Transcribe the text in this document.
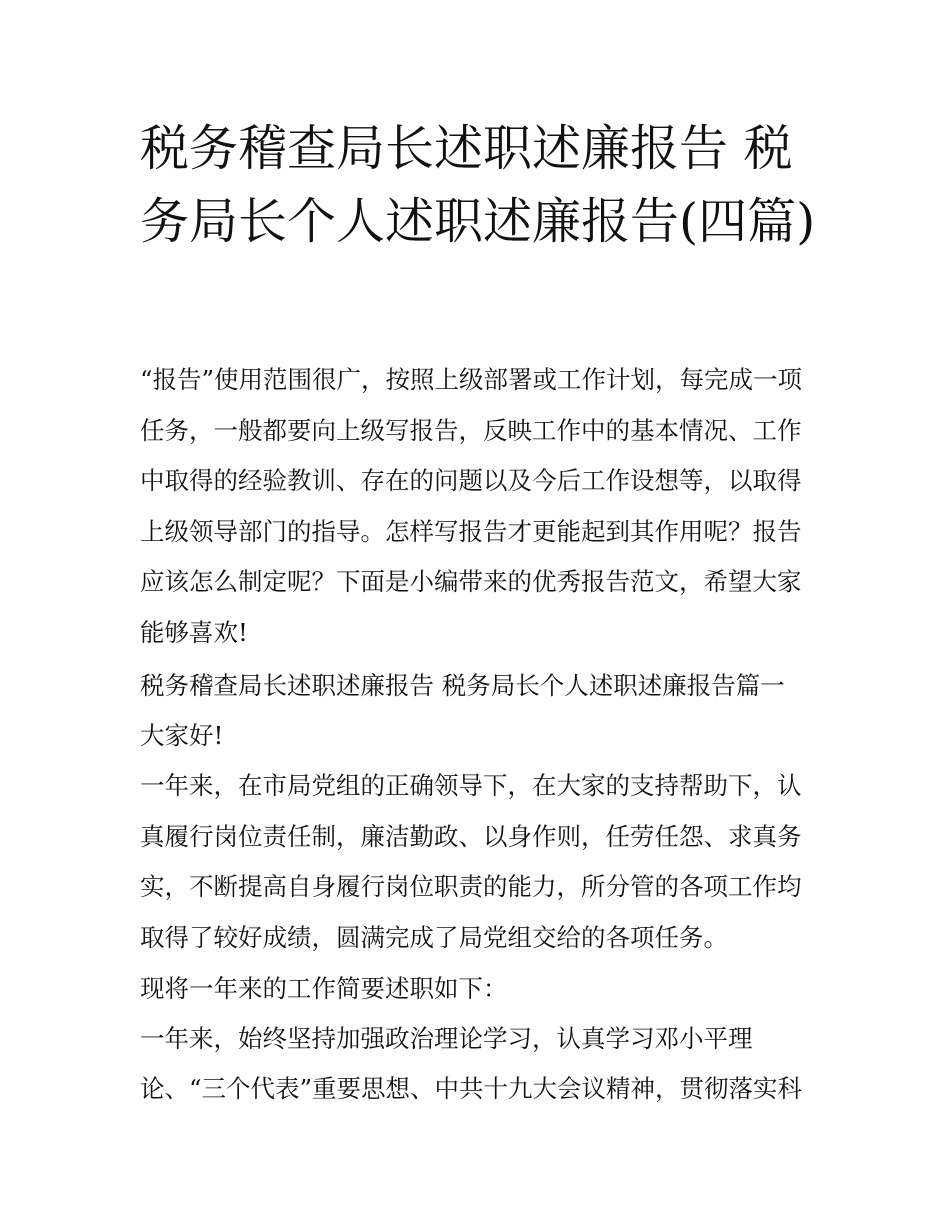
税务稽查局长述职述廉报告 税务局长个人述职述廉报告(四篇)

“报告”使用范围很广，按照上级部署或工作计划，每完成一项任务，一般都要向上级写报告，反映工作中的基本情况、工作中取得的经验教训、存在的问题以及今后工作设想等，以取得上级领导部门的指导。怎样写报告才更能起到其作用呢？报告应该怎么制定呢？下面是小编带来的优秀报告范文，希望大家能够喜欢!

税务稽查局长述职述廉报告 税务局长个人述职述廉报告篇一

大家好!

一年来，在市局党组的正确领导下，在大家的支持帮助下，认真履行岗位责任制，廉洁勤政、以身作则，任劳任怨、求真务实，不断提高自身履行岗位职责的能力，所分管的各项工作均取得了较好成绩，圆满完成了局党组交给的各项任务。

现将一年来的工作简要述职如下：

一年来，始终坚持加强政治理论学习，认真学习邓小平理

论、“三个代表”重要思想、中共十九大会议精神，贯彻落实科
